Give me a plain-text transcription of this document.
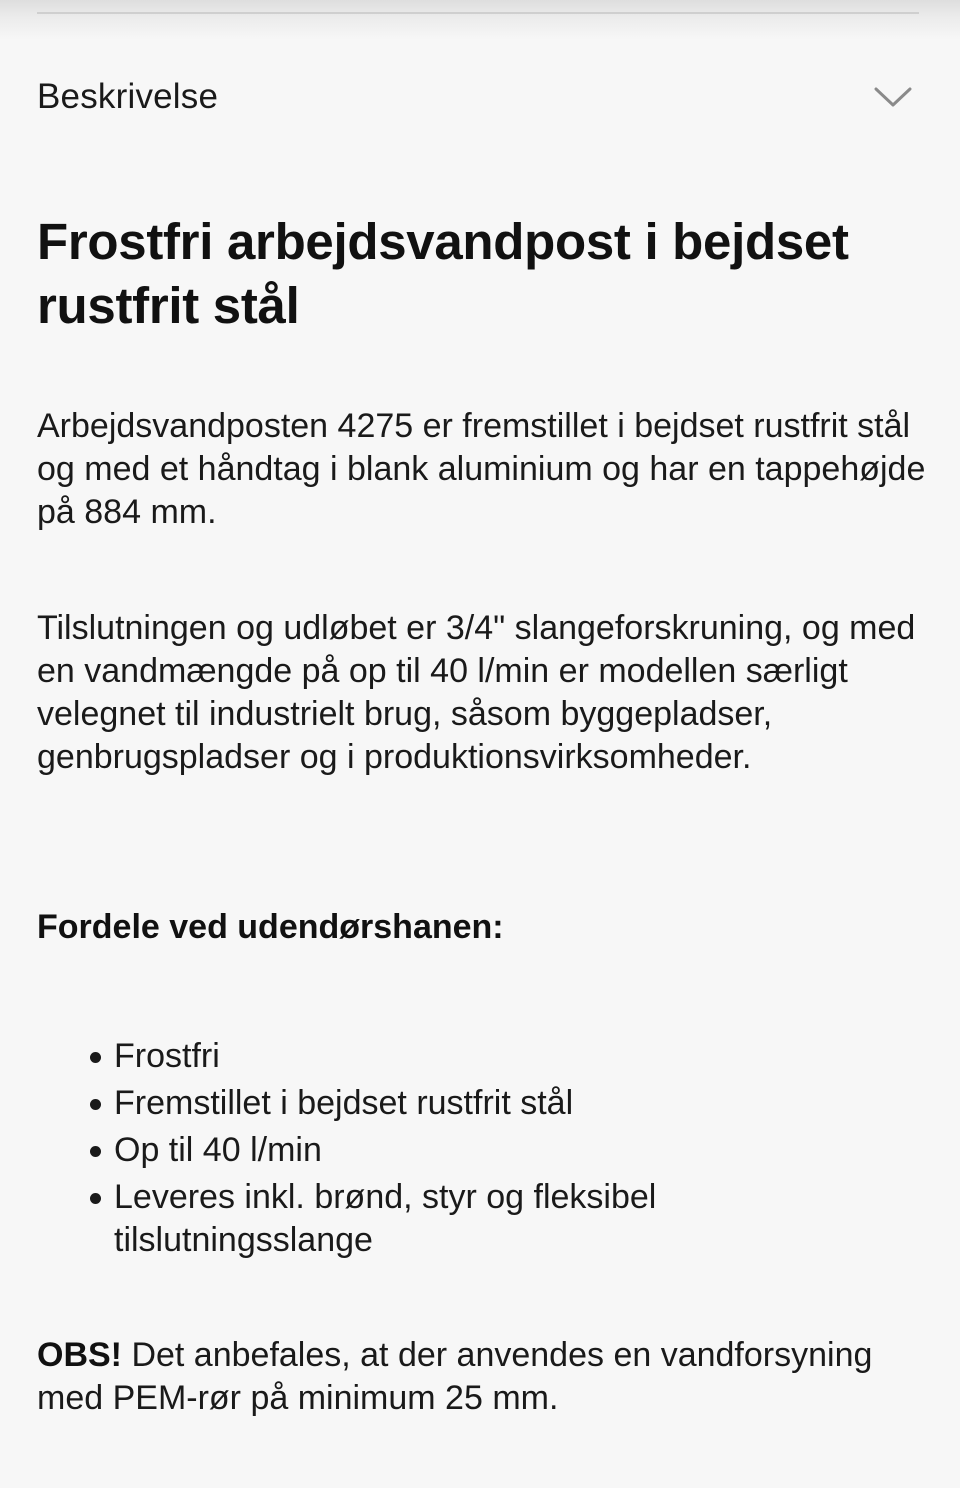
Beskrivelse
Frostfri arbejdsvandpost i bejdset rustfrit stål

Arbejdsvandposten 4275 er fremstillet i bejdset rustfrit stål og med et håndtag i blank aluminium og har en tappehøjde på 884 mm.

Tilslutningen og udløbet er 3/4" slangeforskruning, og med en vandmængde på op til 40 l/min er modellen særligt velegnet til industrielt brug, såsom byggepladser, genbrugspladser og i produktionsvirksomheder.

Fordele ved udendørshanen:
Frostfri
Fremstillet i bejdset rustfrit stål
Op til 40 l/min
Leveres inkl. brønd, styr og fleksibel tilslutningsslange

OBS! Det anbefales, at der anvendes en vandforsyning med PEM-rør på minimum 25 mm.
